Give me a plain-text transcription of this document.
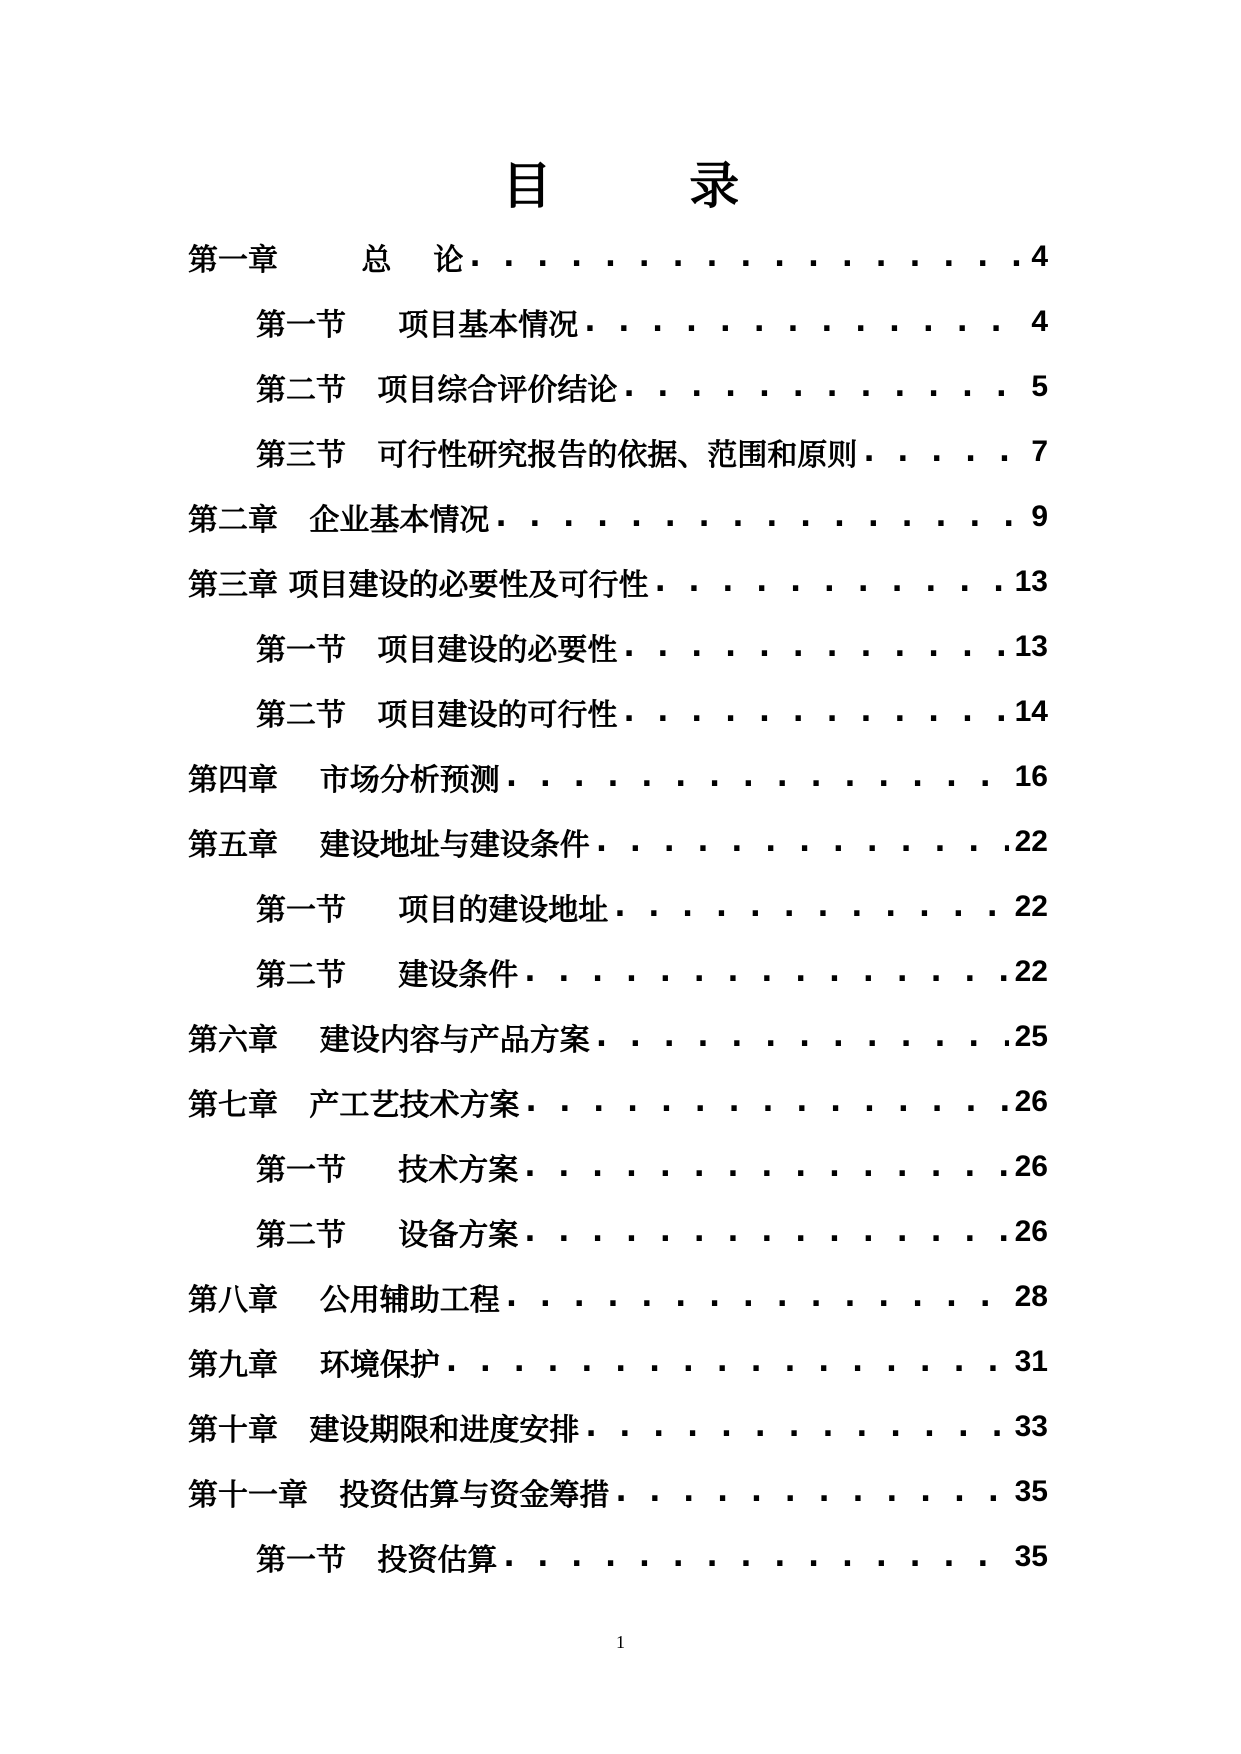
目 录
第一章        总    论 . . .	4
第一节     项目基本情况 . . .	4
第二节   项目综合评价结论 . . .	5
第三节   可行性研究报告的依据、范围和原则 . . .	7
第二章   企业基本情况 . . .	9
第三章 项目建设的必要性及可行性 . . .	13
第一节   项目建设的必要性 . . .	13
第二节   项目建设的可行性 . . .	14
第四章    市场分析预测 . . .	16
第五章    建设地址与建设条件 . . .	22
第一节     项目的建设地址 . . .	22
第二节     建设条件 . . .	22
第六章    建设内容与产品方案 . . .	25
第七章   产工艺技术方案 . . .	26
第一节     技术方案 . . .	26
第二节     设备方案 . . .	26
第八章    公用辅助工程 . . .	28
第九章    环境保护 . . .	31
第十章   建设期限和进度安排 . . .	33
第十一章   投资估算与资金筹措 . . .	35
第一节   投资估算 . . .	35
1
